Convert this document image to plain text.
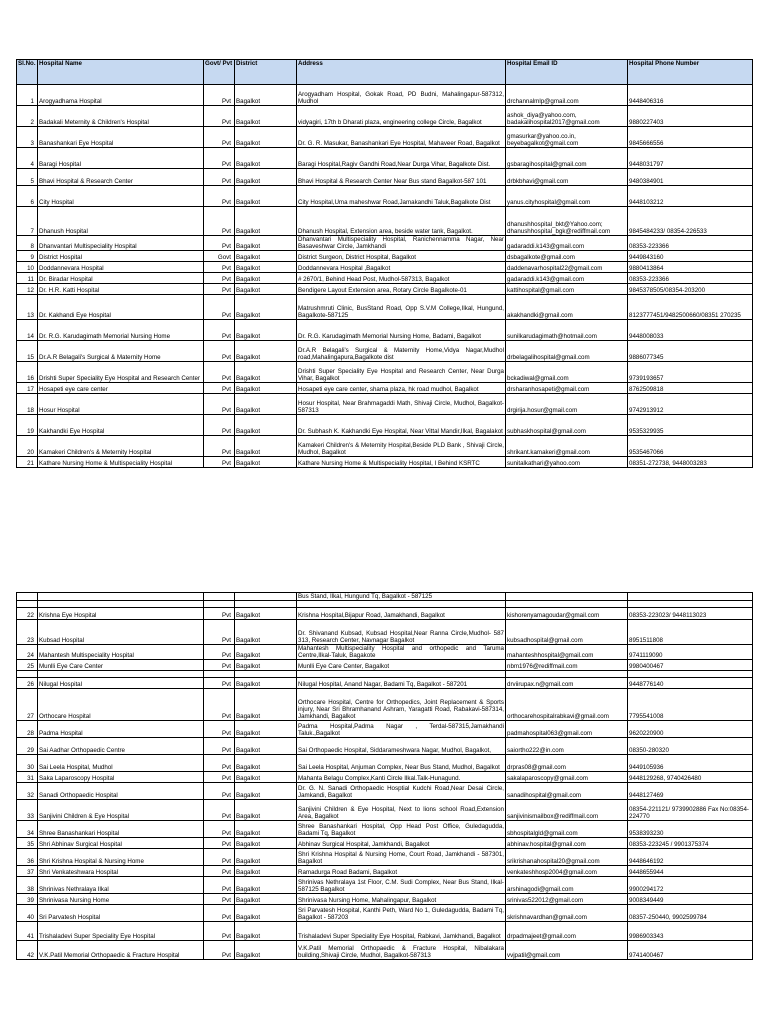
Sl.No.	Hospital Name	Govt/ Pvt	District	Address	Hospital Email ID	Hospital Phone Number
1	Arogyadhama Hospital	Pvt	Bagalkot	Arogyadham Hospital, Gokak Road, PD Budni, Mahalingapur-587312, Mudhol	drchannalmlp@gmail.com	9448406316
2	Badakali Meternity & Children's Hospital	Pvt	Bagalkot	vidyagiri, 17th b Dharati plaza, engineering college Circle, Bagalkot	ashok_diya@yahoo.com, badakalihospital2017@gmail.com	9880227403
3	Banashankari Eye Hospital	Pvt	Bagalkot	Dr. G. R. Masukar, Banashankari Eye Hospital, Mahaveer Road, Bagalkot	gmasurkar@yahoo.co.in, beyebagalkot@gmail.com	9845666556
4	Baragi Hospital	Pvt	Bagalkot	Baragi Hospital,Ragiv Gandhi Road,Near Durga Vihar, Bagalkote Dist.	gsbaragihospital@gmail.com	9448031797
5	Bhavi Hospital & Research Center	Pvt	Bagalkot	Bhavi Hospital & Research Center Near Bus stand Bagalkot-587 101	drbkbhavi@gmail.com	9480384901
6	City Hospital	Pvt	Bagalkot	City Hospital,Uma maheshwar Road,Jamakandhi Taluk,Bagalkote Dist	yanus.cityhospital@gmail.com	9448103212
7	Dhanush Hospital	Pvt	Bagalkot	Dhanush Hospital, Extension area, beside water tank, Bagalkot.	dhanushhospital_bkt@Yahoo.com; dhanushhospital_bgk@rediffmail.com	9845484233/ 08354-226533
8	Dhanvantari Multispeciality Hospital	Pvt	Bagalkot	Dhanvantari Multispeciality Hospital, Ranichennamma Nagar, Near Basaveshwar Circle, Jamkhandi	gadaraddi.k143@gmail.com	08353-223366
9	District Hospital	Govt	Bagalkot	District Surgeon, District Hospital, Bagalkot	dsbagalkote@gmail.com	9449843160
10	Doddannevara Hospital	Pvt	Bagalkot	Doddannevara Hospital ,Bagalkot	daddenavarhospital22@gmail.com	9880413864
11	Dr. Biradar Hospital	Pvt	Bagalkot	# 2670/1, Behind Head Post, Mudhol-587313, Bagalkot	gadaraddi.k143@gmail.com	08353-223366
12	Dr. H.R. Katti Hospital	Pvt	Bagalkot	Bendigere Layout Extension area, Rotary Circle Bagalkote-01	kattihospital@gmail.com	9845378505/08354-203200
13	Dr. Kakhandi Eye Hospital	Pvt	Bagalkot	Matrushmruti Clinic, BusStand Road, Opp S.V.M College,Ilkal, Hungund, Bagalkote-587125	akakhandki@gmail.com	8123777451/9482500660/08351 270235
14	Dr. R.G. Karudagimath Memorial Nursing Home	Pvt	Bagalkot	Dr. R.G. Karudagimath Memorial Nursing Home, Badami, Bagalkot	sunilkarudagimath@hotmail.com	9448008033
15	Dr.A.R Belagali's Surgical & Maternity Home	Pvt	Bagalkot	Dr.A.R Belagali's Surgical & Maternity Home,Vidya Nagar,Mudhol road,Mahalingapura,Bagalkote dist	drbelagalihospital@gmail.com	9886077345
16	Drishti Super Speciality Eye Hospital and Research Center	Pvt	Bagalkot	Drishti Super Speciality Eye Hospital and Research Center, Near Durga Vihar, Bagalkot	bckadiwal@gmail.com	9739193657
17	Hosapeti eye care center	Pvt	Bagalkot	Hosapeti eye care center, shama plaza, hk road mudhol, Bagalkot	drsharanhosapeti@gmail.com	8762509818
18	Hosur Hospital	Pvt	Bagalkot	Hosur Hospital, Near Brahmagaddi Math, Shivaji Circle, Mudhol, Bagalkot-587313	drgirija.hosur@gmail.com	9742913912
19	Kakhandki Eye Hospital	Pvt	Bagalkot	Dr. Subhash K. Kakhandki Eye Hospital, Near Vittal Mandir,Ilkal, Bagalakot	subhaskhospital@gmail.com	9535329935
20	Kamakeri Children's & Meternity Hospital	Pvt	Bagalkot	Kamakeri Children's & Meternity Hospital,Beside PLD Bank , Shivaji Circle, Mudhol, Bagalkot	shrikant.kamakeri@gmail.com	9535467066
21	Kathare Nursing Home & Multispeciality Hospital	Pvt	Bagalkot	Kathare Nursing Home & Multispeciality Hospital, I Behind KSRTC	sunitalkathari@yahoo.com	08351-272738, 9448003283
				Bus Stand, Ilkal, Hungund Tq, Bagalkot - 587125		

22	Krishna Eye Hospital	Pvt	Bagalkot	Krishna Hospital,Bijapur Road, Jamakhandi, Bagalkot	kishorenyamagoudar@gmail.com	08353-223023/ 9448113023
23	Kubsad Hospital	Pvt	Bagalkot	Dr. Shivanand Kubsad, Kubsad Hospital,Near Ranna Circle,Mudhol- 587 313, Research Center, Navnagar Bagalkot	kubsadhospital@gmail.com	8951511808
24	Mahantesh Multispeciality Hospital	Pvt	Bagalkot	Mahantesh Multispeciality Hospital and orthopedic and Taruma Centre,Ilkal-Taluk, Bagakote	mahanteshhospital@gmail.com	9741119090
25	Munlli Eye Care Center	Pvt	Bagalkot	Munlli Eye Care Center, Bagalkot	nbm1976@rediffmail.com	9980400467

26	Nilugal Hospital	Pvt	Bagalkot	Nilugal Hospital, Anand Nagar, Badami Tq, Bagalkot - 587201	drviirupax.n@gmail.com	9448776140
27	Orthocare Hospital	Pvt	Bagalkot	Orthocare Hospital, Centre for Orthopedics, Joint Replacement & Sports injury, Near Sri Bhramhanand Ashram, Yaragatti Road, Rabakavi-587314, Jamkhandi, Bagalkot	orthocarehospitalrabkavi@gmail.com	7795541008
28	Padma Hospital	Pvt	Bagalkot	Padma Hospital,Padma Nagar , Terdal-587315,Jamakhandi Taluk.,Bagalkot	padmahospital063@gmail.com	9620220900
29	Sai Aadhar Orthopaedic Centre	Pvt	Bagalkot	Sai Orthopaedic Hospital, Siddarameshwara Nagar, Mudhol, Bagalkot,	saiortho222@in.com	08350-280320
30	Sai Leela Hospital, Mudhol	Pvt	Bagalkot	Sai Leela Hospital, Anjuman Complex, Near Bus Stand, Mudhol, Bagalkot	drpras08@gmail.com	9449105936
31	Saka Laparoscopy Hospital	Pvt	Bagalkot	Mahanta Belagu Complex,Kanti Circle Ilkal.Talk-Hunagund.	sakalaparoscopy@gmail.com	9448129268, 9740426480
32	Sanadi Orthopaedic Hospital	Pvt	Bagalkot	Dr. G. N. Sanadi Orthopaedic Hosptial Kudchi Road,Near Desai Circle, Jamkandi, Bagalkot	sanadihospital@gmail.com	9448127469
33	Sanjivini Children & Eye Hospital	Pvt	Bagalkot	Sanjivini Children & Eye Hospital, Next to lions school Road,Extension Area, Bagalkot	sanjivinismailbox@rediffmail.com	08354-221121/ 9739902886 Fax No:08354-224770
34	Shree Banashankari Hospital	Pvt	Bagalkot	Shree Banashankari Hospital, Opp Head Post Office, Guledagudda, Badami Tq, Bagalkot	sbhospitalgld@gmail.com	9538393230
35	Shri Abhinav Surgical Hospital	Pvt	Bagalkot	Abhinav Surgical Hospital, Jamkhandi, Bagalkot	abhinav.hospital@gmail.com	08353-223245 / 9901375374
36	Shri Krishna Hospital & Nursing Home	Pvt	Bagalkot	Shri Krishna Hospital & Nursing Home, Court Road, Jamkhandi - 587301, Bagalkot	srikrishanahospital20@gmail.com	9448646192
37	Shri Venkateshwara Hospital	Pvt	Bagalkot	Ramadurga Road Badami, Bagalkot	venkateshhosp2004@gmail.com	9448655944
38	Shrinivas Nethralaya Ilkal	Pvt	Bagalkot	Shrinivas Nethralaya 1st Floor, C.M. Sudi Complex, Near Bus Stand, Ilkal-587125 Bagalkot	arshinagodi@gmail.com	9900294172
39	Shrinivasa Nursing Home	Pvt	Bagalkot	Shrinivasa Nursing Home, Mahalingapur, Bagalkot	srinivas522012@gmail.com	9008349449
40	Sri Parvatesh Hospital	Pvt	Bagalkot	Sri Parvatesh Hospital, Kanthi Peth, Ward No 1, Guledagudda, Badami Tq, Bagalkot - 587203	skrishnavardhan@gmail.com	08357-250440, 9902599784
41	Trishaladevi Super Speciality Eye Hospital	Pvt	Bagalkot	Trishaladevi Super Speciality Eye Hospital, Rabkavi, Jamkhandi, Bagalkot	drpadmajeet@gmail.com	9986903343
42	V.K.Patil Memorial Orthopaedic & Fracture Hospital	Pvt	Bagalkot	V.K.Patil Memorial Orthopaedic & Fracture Hospital, Nibalakara building,Shivaji Circle, Mudhol, Bagalkot-587313	vvjpatil@gmail.com	9741400467
